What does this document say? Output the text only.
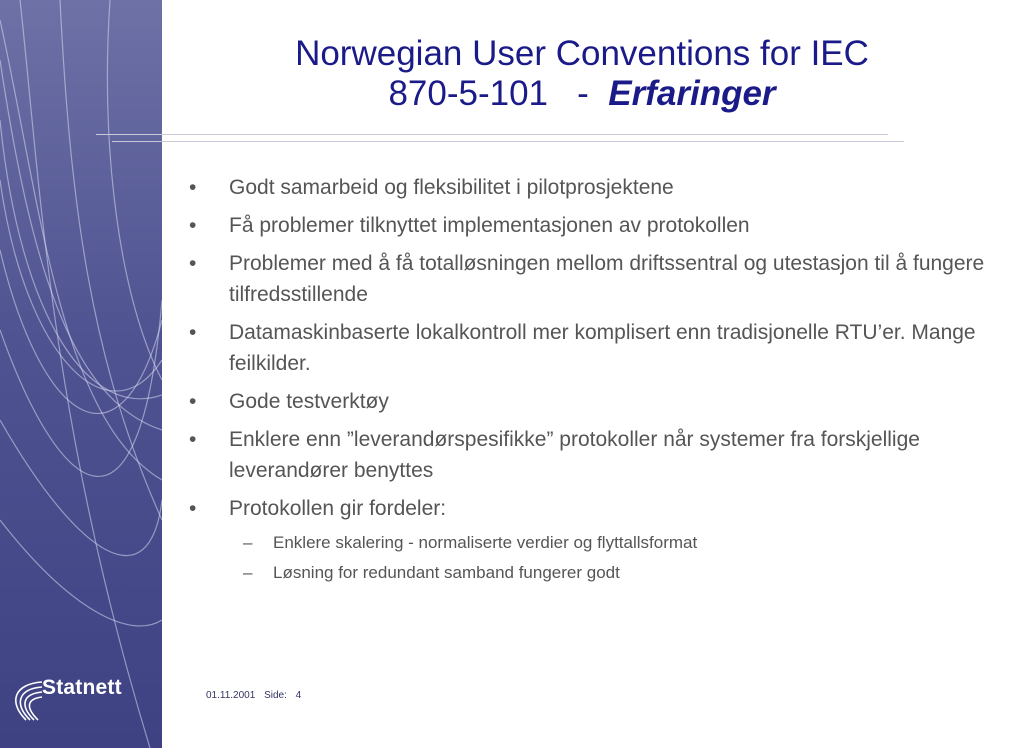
Statnett
Norwegian User Conventions for IEC
870-5-101   -  Erfaringer
• Godt samarbeid og fleksibilitet i pilotprosjektene
• Få problemer tilknyttet implementasjonen av protokollen
• Problemer med å få totalløsningen mellom driftssentral og utestasjon til å fungere tilfredsstillende
• Datamaskinbaserte lokalkontroll mer komplisert enn tradisjonelle RTU’er. Mange feilkilder.
• Gode testverktøy
• Enklere enn ”leverandørspesifikke” protokoller når systemer fra forskjellige leverandører benyttes
• Protokollen gir fordeler:
– Enklere skalering - normaliserte verdier og flyttallsformat
– Løsning for redundant samband fungerer godt
01.11.2001 Side: 4
